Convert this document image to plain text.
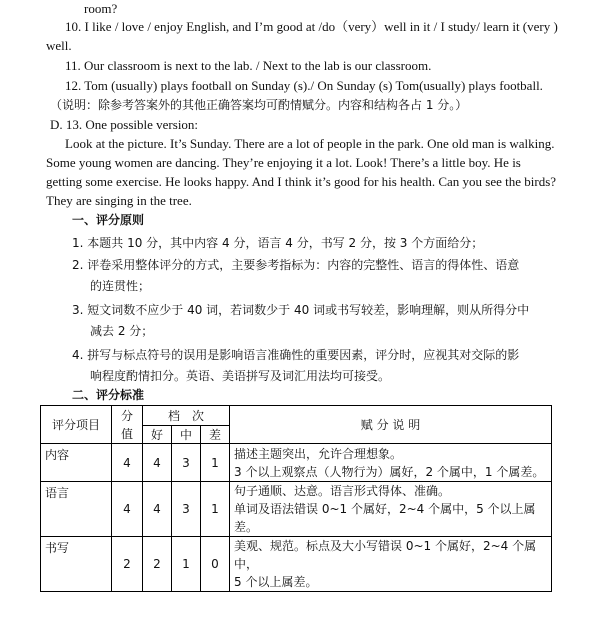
room?
10. I like / love / enjoy English, and I’m good at /do（very）well in it / I study/ learn it (very )
well.
11. Our classroom is next to the lab. / Next to the lab is our classroom.
12. Tom (usually) plays football on Sunday (s)./ On Sunday (s) Tom(usually) plays football.
（说明：除参考答案外的其他正确答案均可酌情赋分。内容和结构各占 1 分。）
D. 13. One possible version:
Look at the picture. It’s Sunday. There are a lot of people in the park. One old man is walking.
Some young women are dancing. They’re enjoying it a lot. Look! There’s a little boy. He is
getting some exercise. He looks happy. And I think it’s good for his health. Can you see the birds?
They are singing in the tree.
一、评分原则
1. 本题共 10 分，其中内容 4 分，语言 4 分，书写 2 分，按 3 个方面给分；
2. 评卷采用整体评分的方式，主要参考指标为：内容的完整性、语言的得体性、语意
的连贯性；
3. 短文词数不应少于 40 词，若词数少于 40 词或书写较差，影响理解，则从所得分中
减去 2 分；
4. 拼写与标点符号的误用是影响语言准确性的重要因素，评分时，应视其对交际的影
响程度酌情扣分。英语、美语拼写及词汇用法均可接受。
二、评分标准
评分项目	分
值	档　次			赋 分 说 明
		好	中	差	
内容	4	4	3	1	描述主题突出，允许合理想象。
3 个以上观察点（人物行为）属好，2 个属中，1 个属差。

语言	4	4	3	1	句子通顺、达意。语言形式得体、准确。
单词及语法错误 0~1 个属好，2~4 个属中，5 个以上属差。

书写	2	2	1	0	美观、规范。标点及大小写错误 0~1 个属好，2~4 个属中，
5 个以上属差。
